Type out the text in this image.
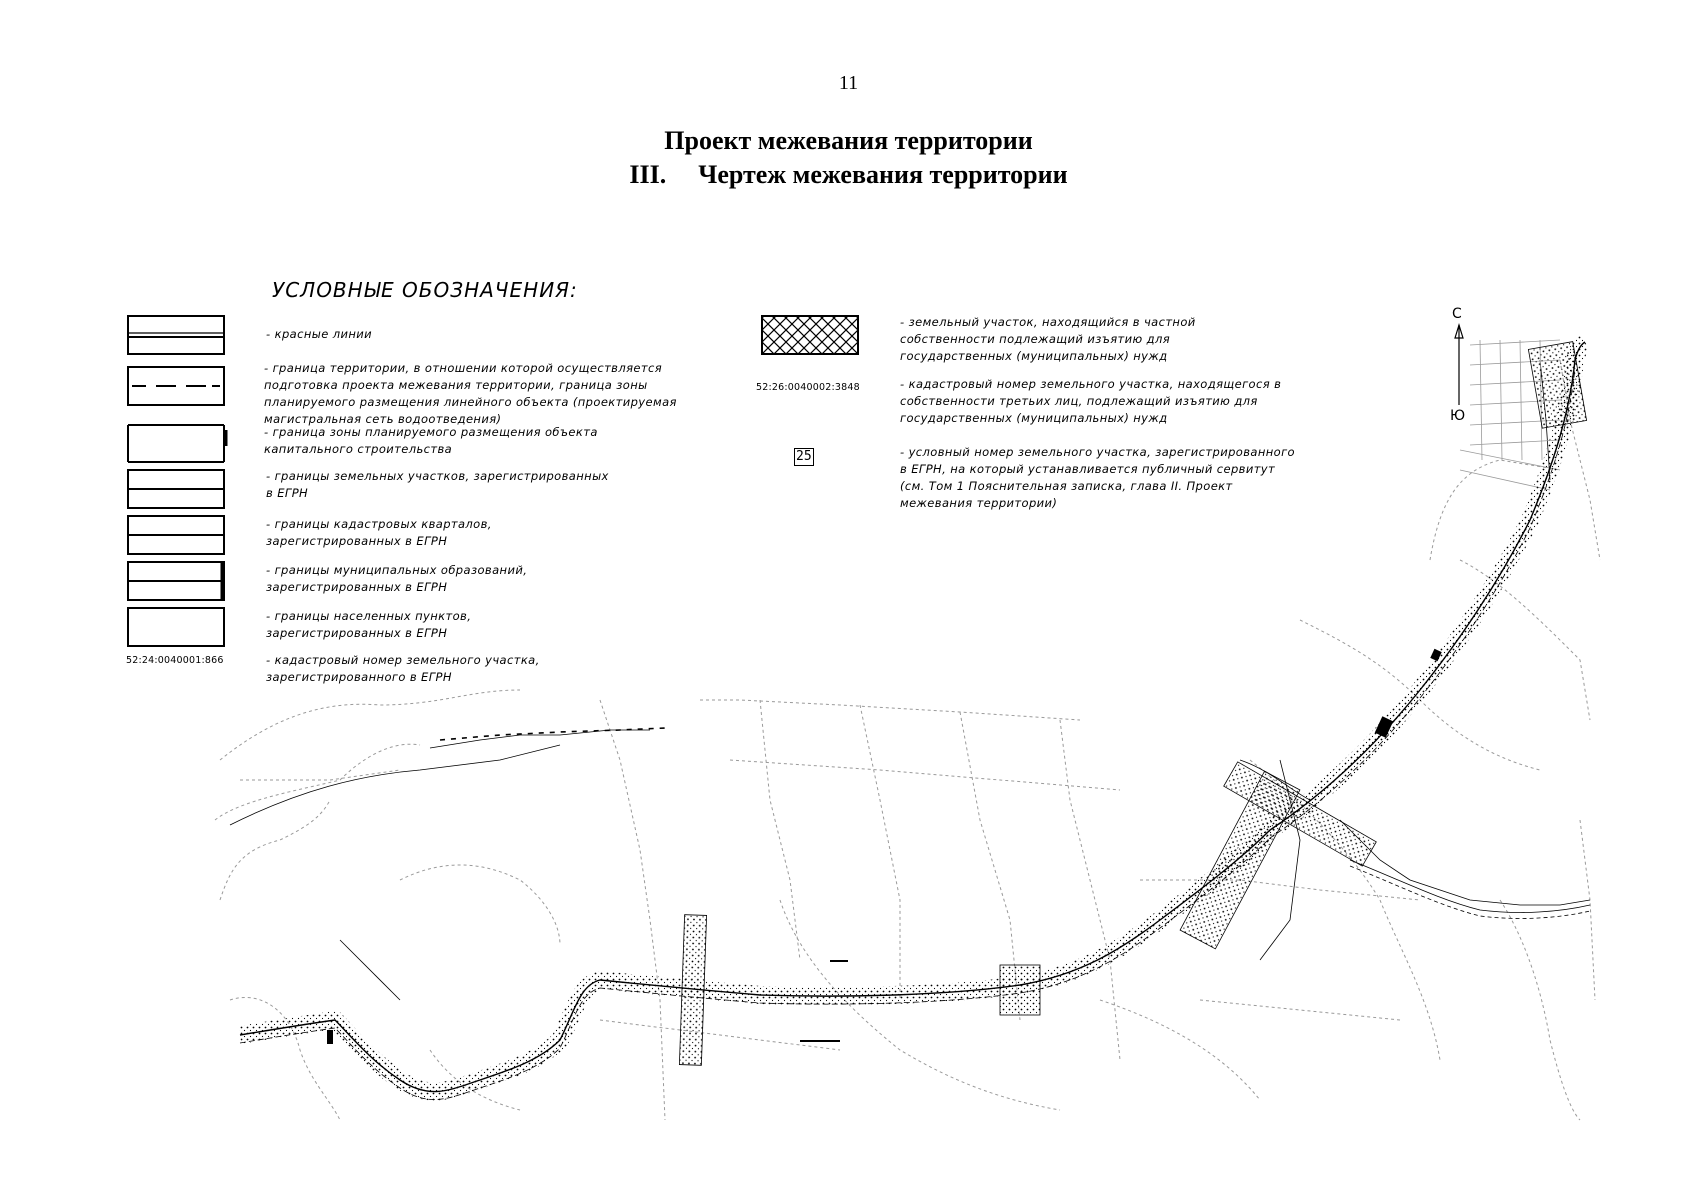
11
Проект межевания территории
III. Чертеж межевания территории
УСЛОВНЫЕ ОБОЗНАЧЕНИЯ:
- красные линии
- граница территории, в отношении которой осуществляется
подготовка проекта межевания территории, граница зоны
планируемого размещения линейного объекта (проектируемая
магистральная сеть водоотведения)
- граница зоны планируемого размещения объекта
капитального строительства
- границы земельных участков, зарегистрированных
в ЕГРН
- границы кадастровых кварталов,
зарегистрированных в ЕГРН
- границы муниципальных образований,
зарегистрированных в ЕГРН
- границы населенных пунктов,
зарегистрированных в ЕГРН
52:24:0040001:866	- кадастровый номер земельного участка,
зарегистрированного в ЕГРН
- земельный участок, находящийся в частной
собственности подлежащий изъятию для
государственных (муниципальных) нужд
52:26:0040002:3848	- кадастровый номер земельного участка, находящегося в
собственности третьих лиц, подлежащий изъятию для
государственных (муниципальных) нужд
25	- условный номер земельного участка, зарегистрированного
в ЕГРН, на который устанавливается публичный сервитут
(см. Том 1 Пояснительная записка, глава II. Проект
межевания территории)
С
Ю
